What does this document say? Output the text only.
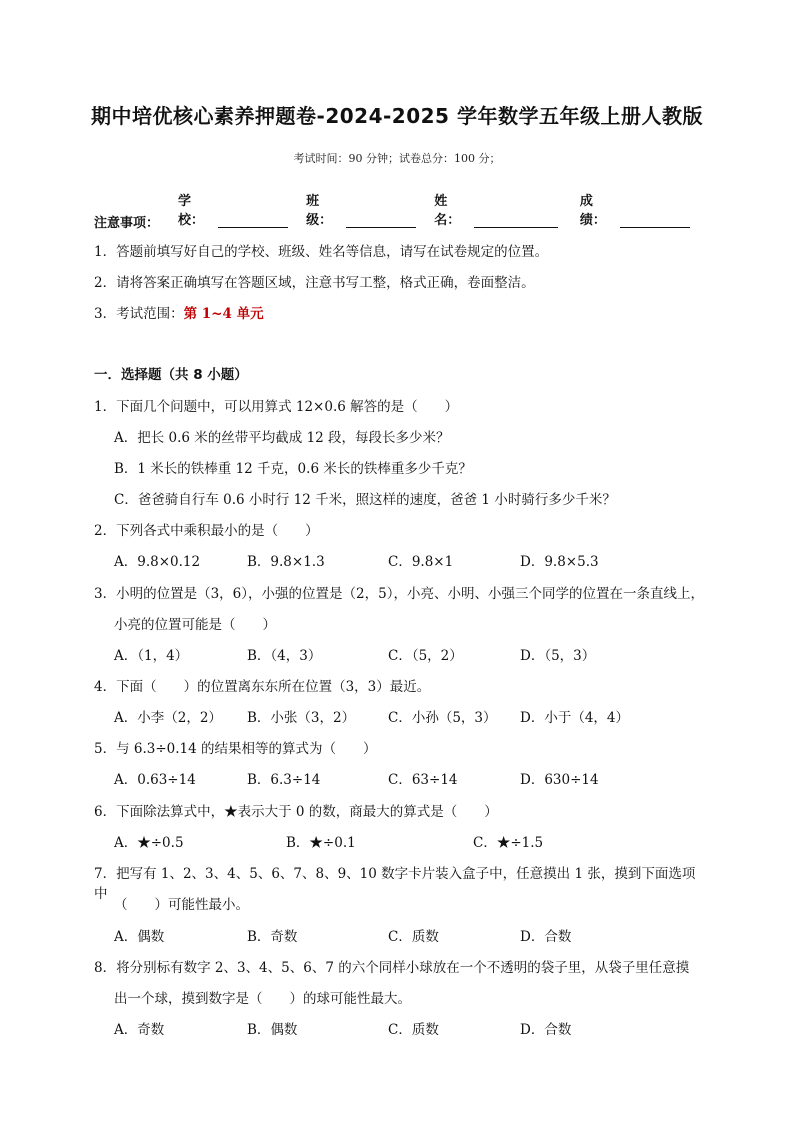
期中培优核心素养押题卷-2024-2025 学年数学五年级上册人教版
考试时间：90 分钟；试卷总分：100 分；
学校：
班级：
姓名：
成绩：
注意事项：
1．答题前填写好自己的学校、班级、姓名等信息，请写在试卷规定的位置。
2．请将答案正确填写在答题区域，注意书写工整，格式正确，卷面整洁。
3．考试范围：第 1~4 单元
一．选择题（共 8 小题）
1．下面几个问题中，可以用算式 12×0.6 解答的是（　　）
A．把长 0.6 米的丝带平均截成 12 段，每段长多少米？
B．1 米长的铁棒重 12 千克，0.6 米长的铁棒重多少千克？
C．爸爸骑自行车 0.6 小时行 12 千米，照这样的速度，爸爸 1 小时骑行多少千米？
2．下列各式中乘积最小的是（　　）
A．9.8×0.12	B．9.8×1.3	C．9.8×1	D．9.8×5.3
3．小明的位置是（3，6），小强的位置是（2，5），小亮、小明、小强三个同学的位置在一条直线上，
小亮的位置可能是（　　）
A．（1，4）	B．（4，3）	C．（5，2）	D．（5，3）
4．下面（　　）的位置离东东所在位置（3，3）最近。
A．小李（2，2） B．小张（3，2） C．小孙（5，3） D．小于（4，4）
5．与 6.3÷0.14 的结果相等的算式为（　　）
A．0.63÷14	B．6.3÷14	C．63÷14	D．630÷14
6．下面除法算式中，★表示大于 0 的数，商最大的算式是（　　）
A．★÷0.5	B．★÷0.1	C．★÷1.5
7．把写有 1、2、3、4、5、6、7、8、9、10 数字卡片装入盒子中，任意摸出 1 张，摸到下面选项中
（　　）可能性最小。
A．偶数	B．奇数	C．质数	D．合数
8．将分别标有数字 2、3、4、5、6、7 的六个同样小球放在一个不透明的袋子里，从袋子里任意摸
出一个球，摸到数字是（　　）的球可能性最大。
A．奇数	B．偶数	C．质数	D．合数
